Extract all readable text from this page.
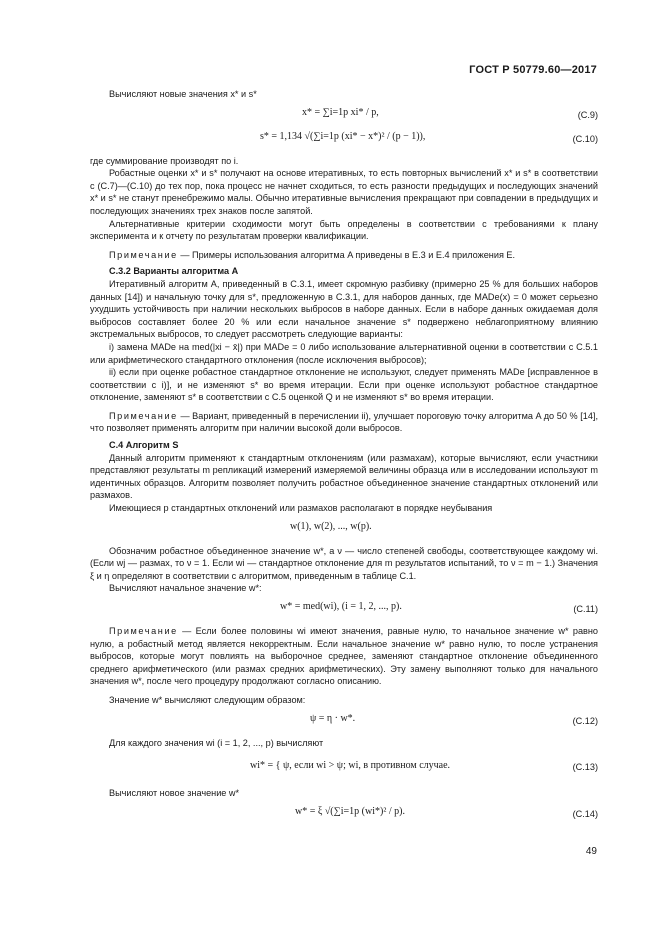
ГОСТ Р 50779.60—2017

Вычисляют новые значения x* и s*

x* = ∑i=1p xi* / p,	(С.9)
s* = 1,134 √(∑i=1p (xi* − x*)² / (p − 1)),	(С.10)

где суммирование производят по i.

Робастные оценки x* и s* получают на основе итеративных, то есть повторных вычислений x* и s* в соответствии с (С.7)—(С.10) до тех пор, пока процесс не начнет сходиться, то есть разности предыдущих и последующих значений x* и s* не станут пренебрежимо малы. Обычно итеративные вычисления прекращают при совпадении в предыдущих и последующих значениях трех знаков после запятой.

Альтернативные критерии сходимости могут быть определены в соответствии с требованиями к плану эксперимента и к отчету по результатам проверки квалификации.

Примечание — Примеры использования алгоритма A приведены в Е.3 и Е.4 приложения Е.

С.3.2 Варианты алгоритма A

Итеративный алгоритм A, приведенный в С.3.1, имеет скромную разбивку (примерно 25 % для больших наборов данных [14]) и начальную точку для s*, предложенную в С.3.1, для наборов данных, где MADe(x) = 0 может серьезно ухудшить устойчивость при наличии нескольких выбросов в наборе данных. Если в наборе данных ожидаемая доля выбросов составляет более 20 % или если начальное значение s* подвержено неблагоприятному влиянию экстремальных выбросов, то следует рассмотреть следующие варианты:

i) замена MADe на med(|xi − x̄|) при MADe = 0 либо использование альтернативной оценки в соответствии с С.5.1 или арифметического стандартного отклонения (после исключения выбросов);

ii) если при оценке робастное стандартное отклонение не используют, следует применять MADe [исправленное в соответствии с i)], и не изменяют s* во время итерации. Если при оценке используют робастное стандартное отклонение, заменяют s* в соответствии с С.5 оценкой Q и не изменяют s* во время итерации.

Примечание — Вариант, приведенный в перечислении ii), улучшает пороговую точку алгоритма A до 50 % [14], что позволяет применять алгоритм при наличии высокой доли выбросов.

С.4 Алгоритм S

Данный алгоритм применяют к стандартным отклонениям (или размахам), которые вычисляют, если участники представляют результаты m репликаций измерений измеряемой величины образца или в исследовании используют m идентичных образцов. Алгоритм позволяет получить робастное объединенное значение стандартных отклонений или размахов.

Имеющиеся p стандартных отклонений или размахов располагают в порядке неубывания

w(1), w(2), ..., w(p).

Обозначим робастное объединенное значение w*, а ν — число степеней свободы, соответствующее каждому wi. (Если wj — размах, то ν = 1. Если wi — стандартное отклонение для m результатов испытаний, то ν = m − 1.) Значения ξ и η определяют в соответствии с алгоритмом, приведенным в таблице С.1.

Вычисляют начальное значение w*:

w* = med(wi), (i = 1, 2, ..., p).	(С.11)

Примечание — Если более половины wi имеют значения, равные нулю, то начальное значение w* равно нулю, а робастный метод является некорректным. Если начальное значение w* равно нулю, то после устранения выбросов, которые могут повлиять на выборочное среднее, заменяют стандартное отклонение объединенного среднего арифметического (или размах средних арифметических). Эту замену выполняют только для начального значения w*, после чего процедуру продолжают согласно описанию.

Значение w* вычисляют следующим образом:

ψ = η · w*.	(С.12)

Для каждого значения wi (i = 1, 2, ..., p) вычисляют

wi* = { ψ, если wi > ψ; wi, в противном случае.	(С.13)

Вычисляют новое значение w*

w* = ξ √(∑i=1p (wi*)² / p).	(С.14)
49
